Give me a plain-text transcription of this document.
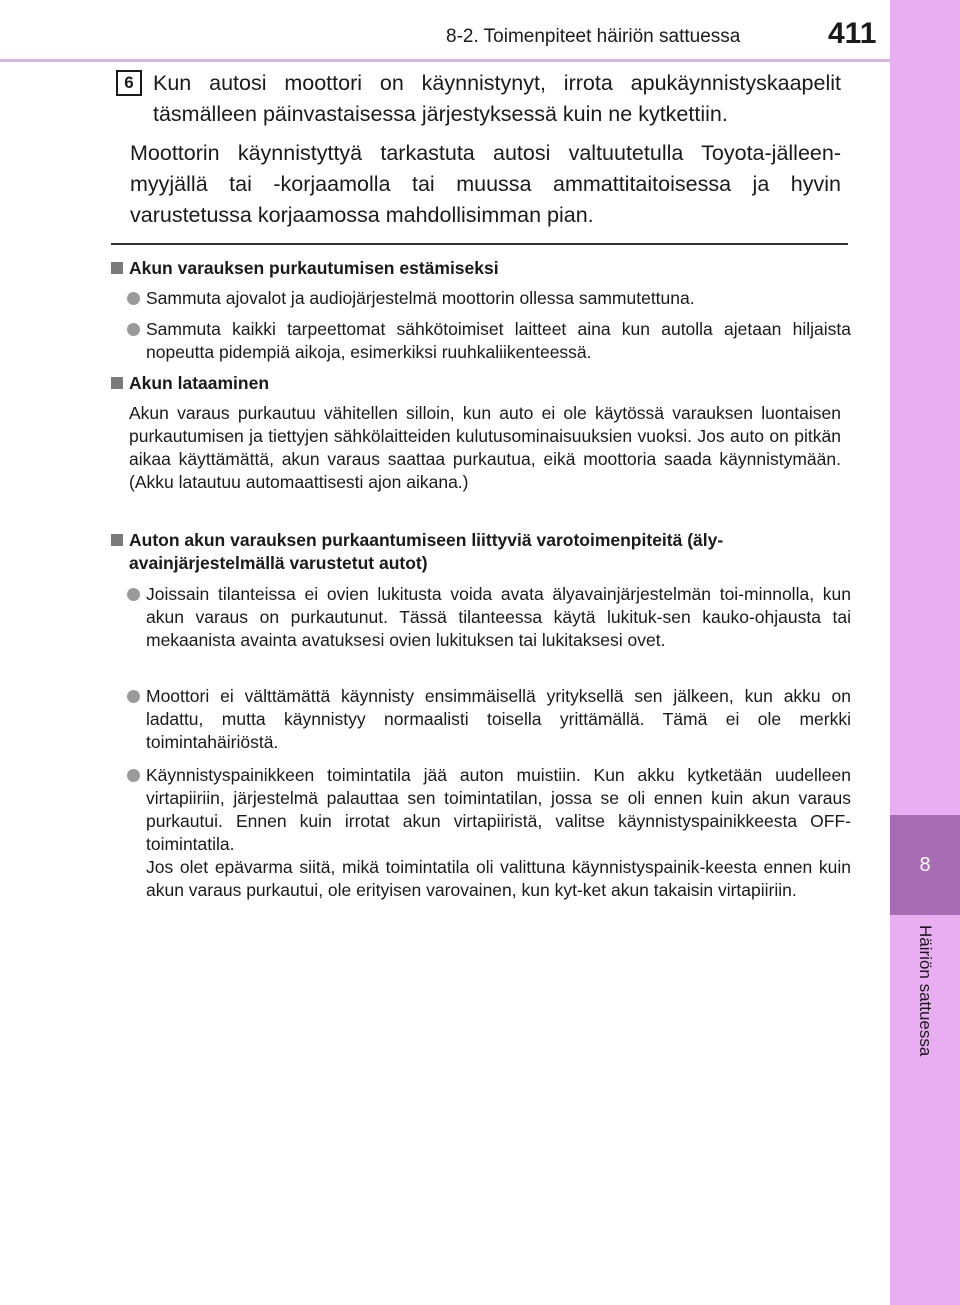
8-2. Toimenpiteet häiriön sattuessa	411
8
Häiriön sattuessa
6 Kun autosi moottori on käynnistynyt, irrota apukäynnistyskaapelit täsmälleen päinvastaisessa järjestyksessä kuin ne kytkettiin.
Moottorin käynnistyttyä tarkastuta autosi valtuutetulla Toyota-jälleen-myyjällä tai -korjaamolla tai muussa ammattitaitoisessa ja hyvin varustetussa korjaamossa mahdollisimman pian.
Akun varauksen purkautumisen estämiseksi
Sammuta ajovalot ja audiojärjestelmä moottorin ollessa sammutettuna.
Sammuta kaikki tarpeettomat sähkötoimiset laitteet aina kun autolla ajetaan hiljaista nopeutta pidempiä aikoja, esimerkiksi ruuhkaliikenteessä.
Akun lataaminen
Akun varaus purkautuu vähitellen silloin, kun auto ei ole käytössä varauksen luontaisen purkautumisen ja tiettyjen sähkölaitteiden kulutusominaisuuksien vuoksi. Jos auto on pitkän aikaa käyttämättä, akun varaus saattaa purkautua, eikä moottoria saada käynnistymään. (Akku latautuu automaattisesti ajon aikana.)
Auton akun varauksen purkaantumiseen liittyviä varotoimenpiteitä (äly-avainjärjestelmällä varustetut autot)
Joissain tilanteissa ei ovien lukitusta voida avata älyavainjärjestelmän toi-minnolla, kun akun varaus on purkautunut. Tässä tilanteessa käytä lukituk-sen kauko-ohjausta tai mekaanista avainta avatuksesi ovien lukituksen tai lukitaksesi ovet.
Moottori ei välttämättä käynnisty ensimmäisellä yrityksellä sen jälkeen, kun akku on ladattu, mutta käynnistyy normaalisti toisella yrittämällä. Tämä ei ole merkki toimintahäiriöstä.
Käynnistyspainikkeen toimintatila jää auton muistiin. Kun akku kytketään uudelleen virtapiiriin, järjestelmä palauttaa sen toimintatilan, jossa se oli ennen kuin akun varaus purkautui. Ennen kuin irrotat akun virtapiiristä, valitse käynnistyspainikkeesta OFF-toimintatila.
Jos olet epävarma siitä, mikä toimintatila oli valittuna käynnistyspainik-keesta ennen kuin akun varaus purkautui, ole erityisen varovainen, kun kyt-ket akun takaisin virtapiiriin.
